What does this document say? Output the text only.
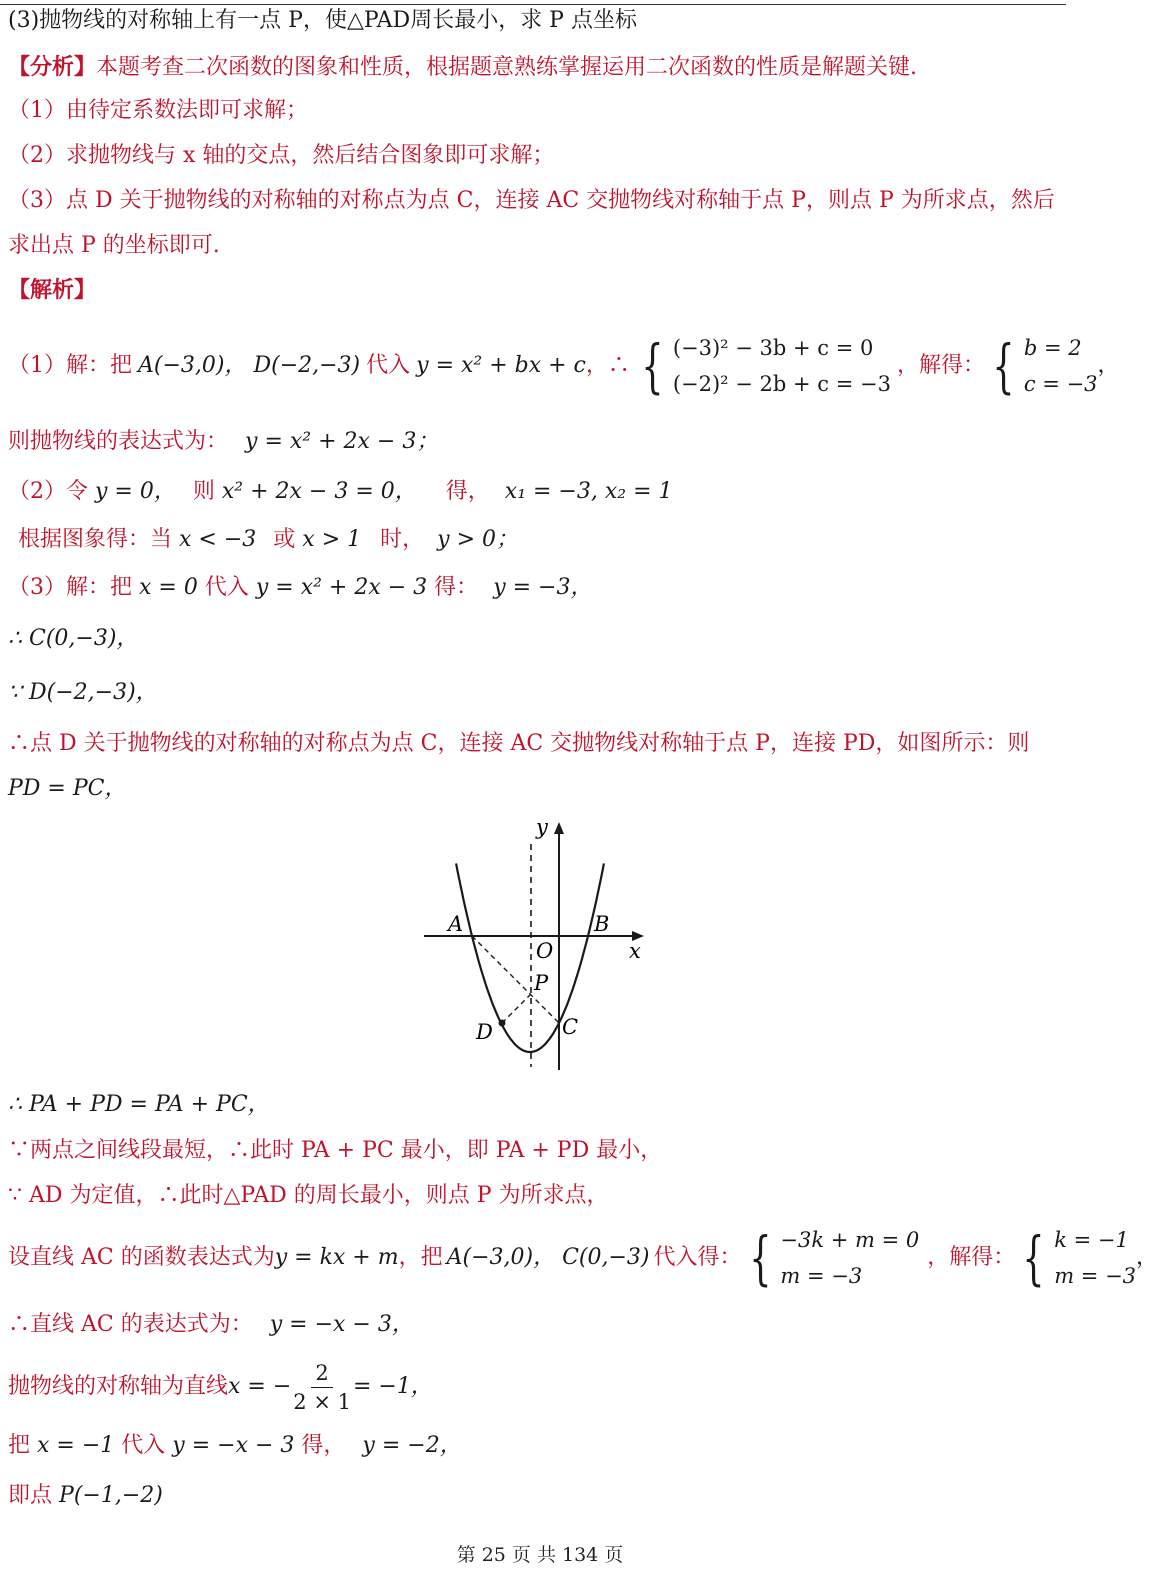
(3)抛物线的对称轴上有一点 P，使△PAD周长最小，求 P 点坐标
【分析】本题考查二次函数的图象和性质，根据题意熟练掌握运用二次函数的性质是解题关键.
（1）由待定系数法即可求解；
（2）求抛物线与 x 轴的交点，然后结合图象即可求解；
（3）点 D 关于抛物线的对称轴的对称点为点 C，连接 AC 交抛物线对称轴于点 P，则点 P 为所求点，然后
求出点 P 的坐标即可.
【解析】
（1）解：把 A(−3,0)， D(−2,−3) 代入 y = x² + bx + c ，∴ { (−3)² − 3b + c = 0
(−2)² − 2b + c = −3
，解得： { b = 2
c = −3
，
则抛物线的表达式为： y = x² + 2x − 3；
（2）令 y = 0， 则 x² + 2x − 3 = 0， 得， x₁ = −3, x₂ = 1
根据图象得：当 x < −3 或 x > 1 时， y > 0；
（3）解：把 x = 0 代入 y = x² + 2x − 3 得： y = −3，
∴ C(0,−3)，
∵ D(−2,−3)，
∴点 D 关于抛物线的对称轴的对称点为点 C，连接 AC 交抛物线对称轴于点 P，连接 PD，如图所示：则
PD = PC，
A	B
O
P
C
D
y
x
∴ PA + PD = PA + PC，
∵两点之间线段最短，∴此时 PA + PC 最小，即 PA + PD 最小，
∵ AD 为定值，∴此时△PAD 的周长最小，则点 P 为所求点，
设直线 AC 的函数表达式为 y = kx + m ，把 A(−3,0)， C(0,−3) 代入得： { −3k + m = 0
m = −3
，解得： { k = −1
m = −3
，
∴直线 AC 的表达式为： y = −x − 3，
抛物线的对称轴为直线 x = − $\frac{2}{2 \times 1} = -1$，
把 x = −1 代入 y = −x − 3 得， y = −2，
即点 P(−1,−2)
第 25 页 共 134 页
